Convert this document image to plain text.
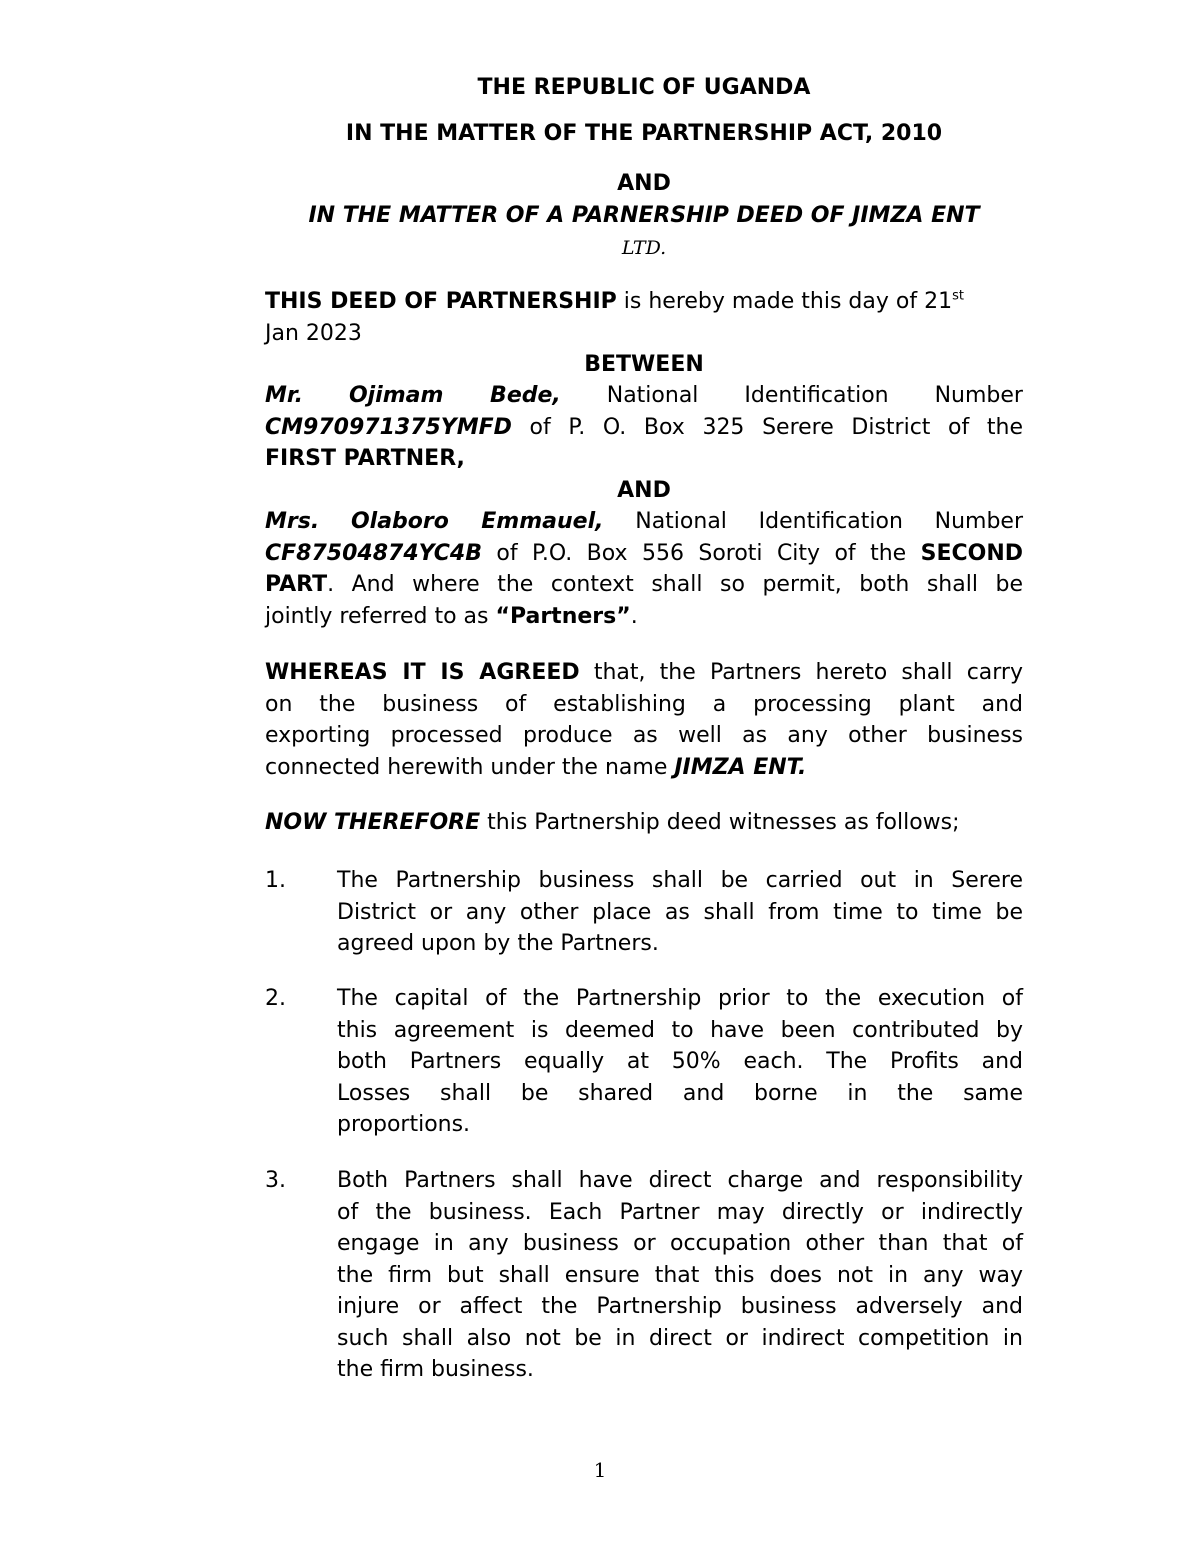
THE REPUBLIC OF UGANDA
IN THE MATTER OF THE PARTNERSHIP ACT, 2010
AND
IN THE MATTER OF A PARNERSHIP DEED OF JIMZA ENT
LTD.
THIS DEED OF PARTNERSHIP is hereby made this day of 21st
Jan 2023
BETWEEN
Mr. Ojimam Bede, National Identification Number
CM970971375YMFD of P. O. Box 325 Serere District of the
FIRST PARTNER,
AND
Mrs. Olaboro Emmauel, National Identification Number
CF87504874YC4B of P.O. Box 556 Soroti City of the SECOND
PART. And where the context shall so permit, both shall be
jointly referred to as “Partners”.
WHEREAS IT IS AGREED that, the Partners hereto shall carry
on the business of establishing a processing plant and
exporting processed produce as well as any other business
connected herewith under the name JIMZA ENT.
NOW THEREFORE this Partnership deed witnesses as follows;
1.	The Partnership business shall be carried out in Serere
District or any other place as shall from time to time be
agreed upon by the Partners.
2.	The capital of the Partnership prior to the execution of
this agreement is deemed to have been contributed by
both Partners equally at 50% each. The Profits and
Losses shall be shared and borne in the same
proportions.
3.	Both Partners shall have direct charge and responsibility
of the business. Each Partner may directly or indirectly
engage in any business or occupation other than that of
the firm but shall ensure that this does not in any way
injure or affect the Partnership business adversely and
such shall also not be in direct or indirect competition in
the firm business.
1
